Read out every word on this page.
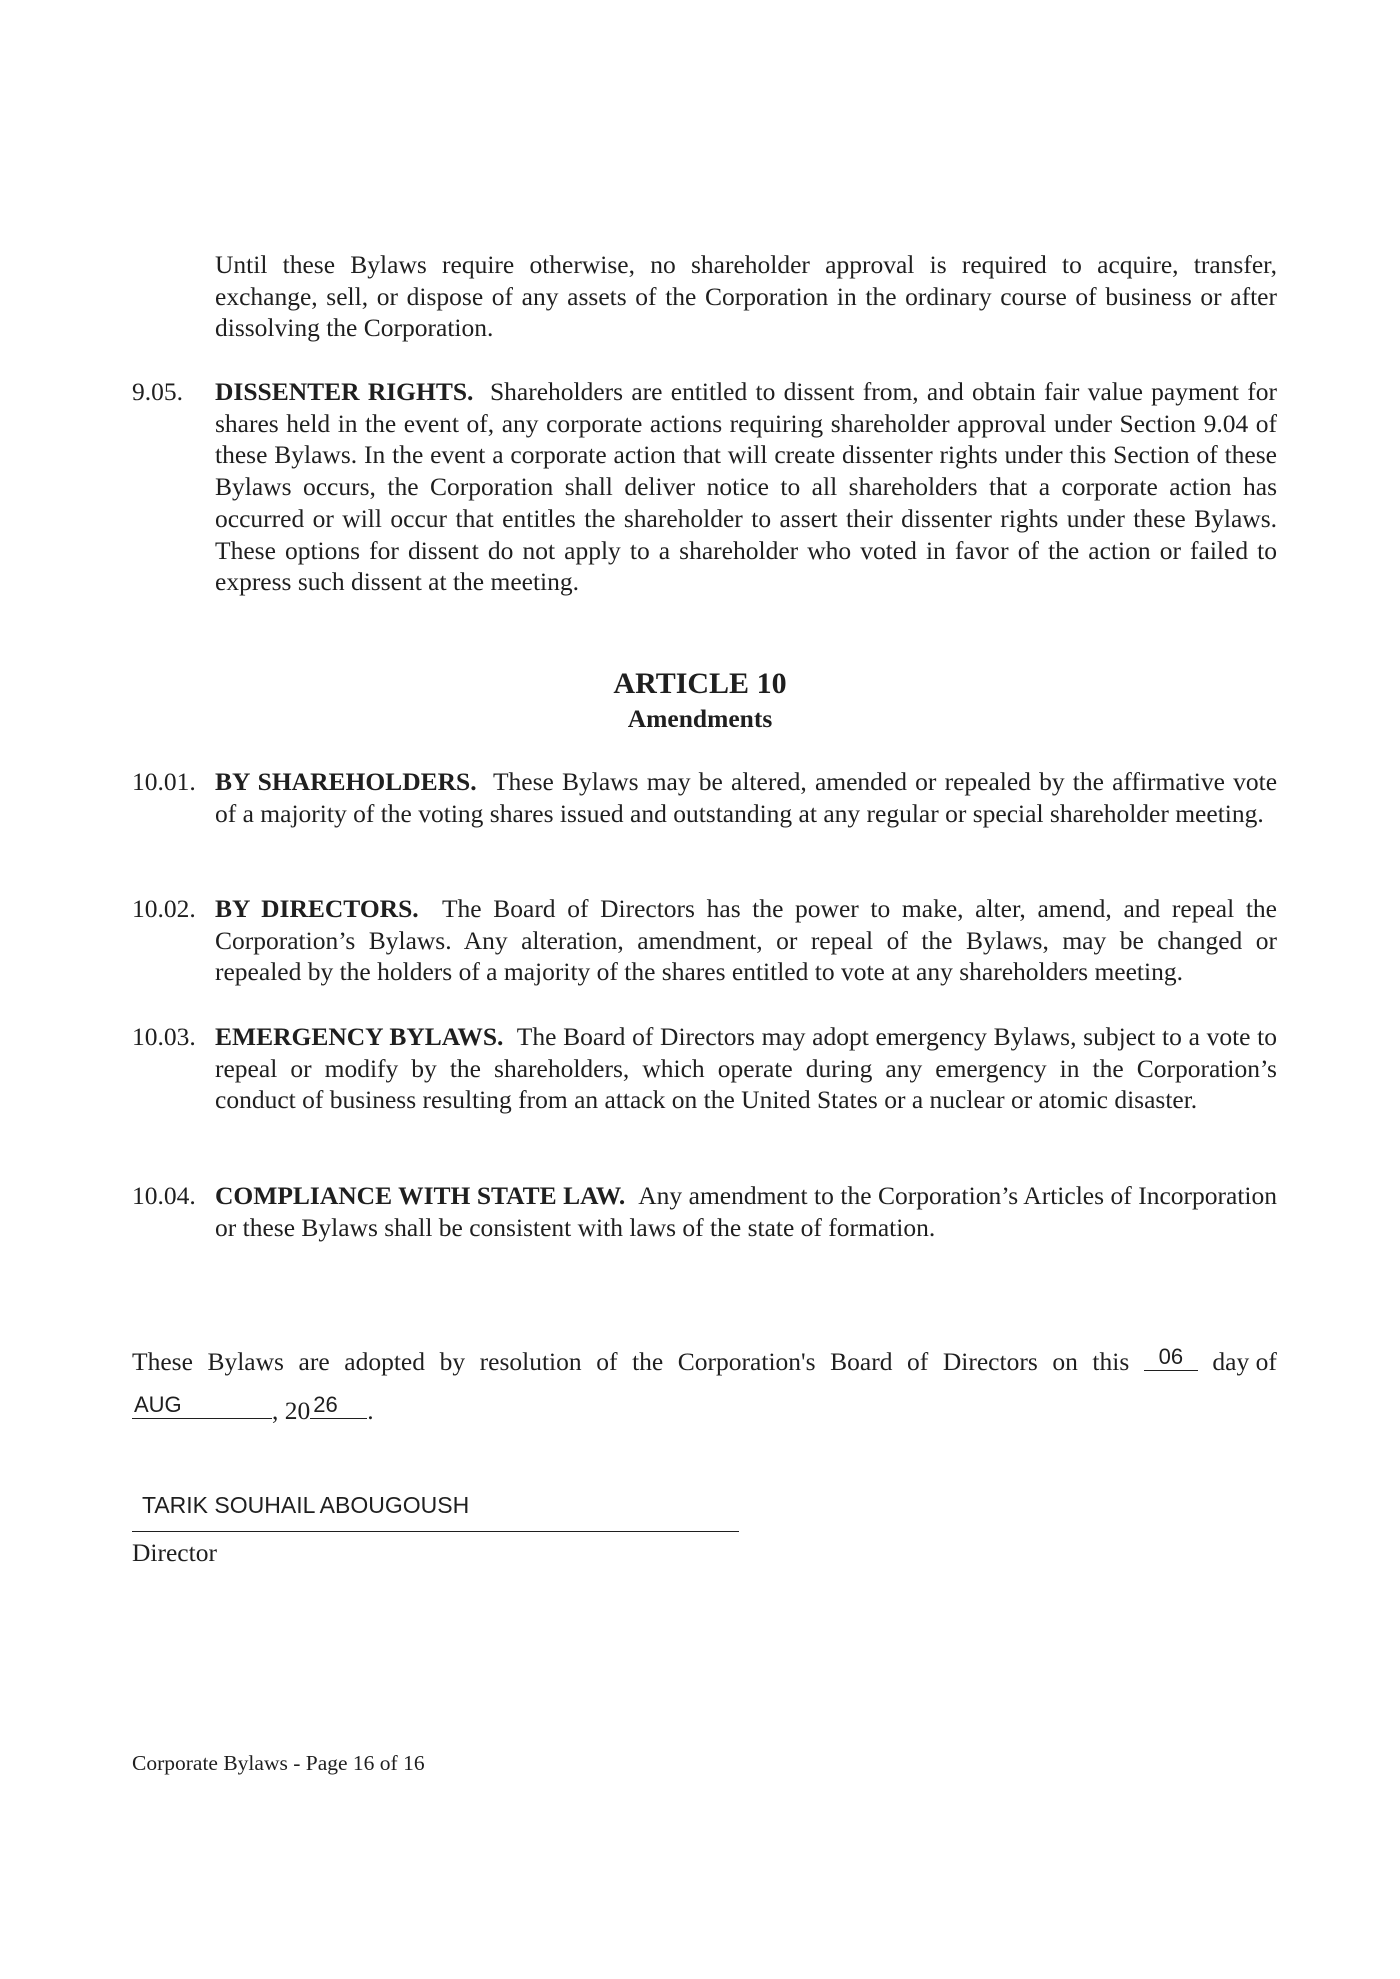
Until these Bylaws require otherwise, no shareholder approval is required to acquire, transfer, exchange, sell, or dispose of any assets of the Corporation in the ordinary course of business or after dissolving the Corporation.

9.05. DISSENTER RIGHTS. Shareholders are entitled to dissent from, and obtain fair value payment for shares held in the event of, any corporate actions requiring shareholder approval under Section 9.04 of these Bylaws. In the event a corporate action that will create dissenter rights under this Section of these Bylaws occurs, the Corporation shall deliver notice to all shareholders that a corporate action has occurred or will occur that entitles the shareholder to assert their dissenter rights under these Bylaws. These options for dissent do not apply to a shareholder who voted in favor of the action or failed to express such dissent at the meeting.
ARTICLE 10
Amendments
10.01. BY SHAREHOLDERS. These Bylaws may be altered, amended or repealed by the affirmative vote of a majority of the voting shares issued and outstanding at any regular or special shareholder meeting.
10.02. BY DIRECTORS. The Board of Directors has the power to make, alter, amend, and repeal the Corporation’s Bylaws. Any alteration, amendment, or repeal of the Bylaws, may be changed or repealed by the holders of a majority of the shares entitled to vote at any shareholders meeting.
10.03. EMERGENCY BYLAWS. The Board of Directors may adopt emergency Bylaws, subject to a vote to repeal or modify by the shareholders, which operate during any emergency in the Corporation’s conduct of business resulting from an attack on the United States or a nuclear or atomic disaster.
10.04. COMPLIANCE WITH STATE LAW. Any amendment to the Corporation’s Articles of Incorporation or these Bylaws shall be consistent with laws of the state of formation.
These Bylaws are adopted by resolution of the Corporation's Board of Directors on this	06	day of
AUG	, 20 26	.
TARIK SOUHAIL ABOUGOUSH
Director
Corporate Bylaws - Page 16 of 16
